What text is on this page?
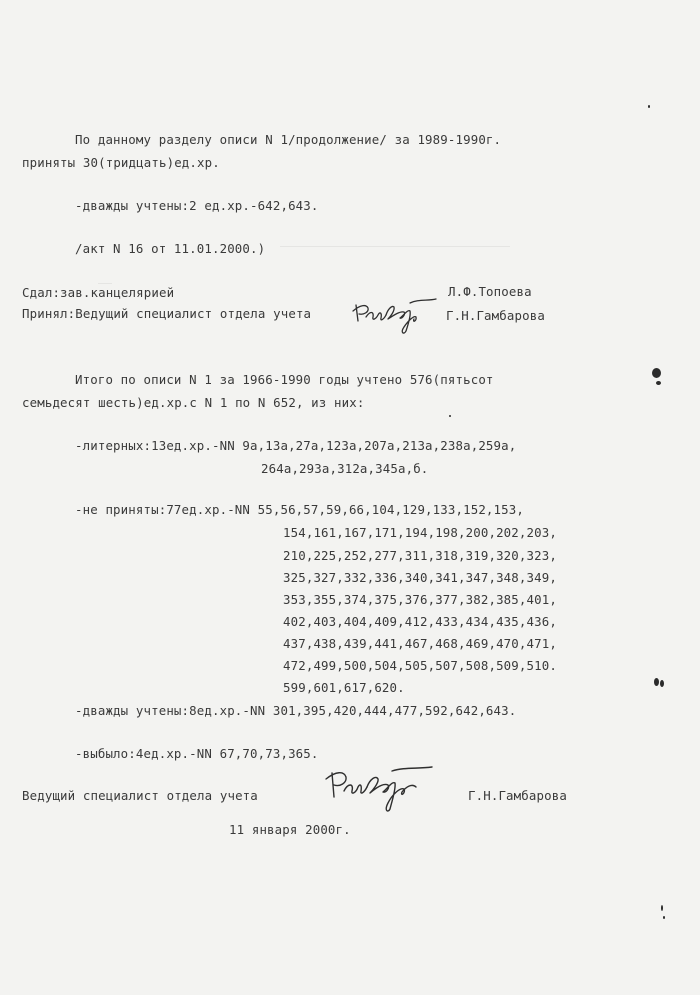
По данному разделу описи N 1/продолжение/ за 1989-1990г.
приняты 30(тридцать)ед.хр.
-дважды учтены:2 ед.хр.-642,643.
/акт N 16 от 11.01.2000.)
Сдал:зав.канцелярией	Л.Ф.Топоева
Принял:Ведущий специалист отдела учета	Г.Н.Гамбарова
Итого по описи N 1 за 1966-1990 годы учтено 576(пятьсот
семьдесят шесть)ед.хр.с N 1 по N 652, из них:
-литерных:13ед.хр.-NN 9а,13а,27а,123а,207а,213а,238а,259а,
264а,293а,312а,345а,б.
-не приняты:77ед.хр.-NN 55,56,57,59,66,104,129,133,152,153,
154,161,167,171,194,198,200,202,203,
210,225,252,277,311,318,319,320,323,
325,327,332,336,340,341,347,348,349,
353,355,374,375,376,377,382,385,401,
402,403,404,409,412,433,434,435,436,
437,438,439,441,467,468,469,470,471,
472,499,500,504,505,507,508,509,510.
599,601,617,620.
-дважды учтены:8ед.хр.-NN 301,395,420,444,477,592,642,643.
-выбыло:4ед.хр.-NN 67,70,73,365.
Ведущий специалист отдела учета	Г.Н.Гамбарова
11 января 2000г.
